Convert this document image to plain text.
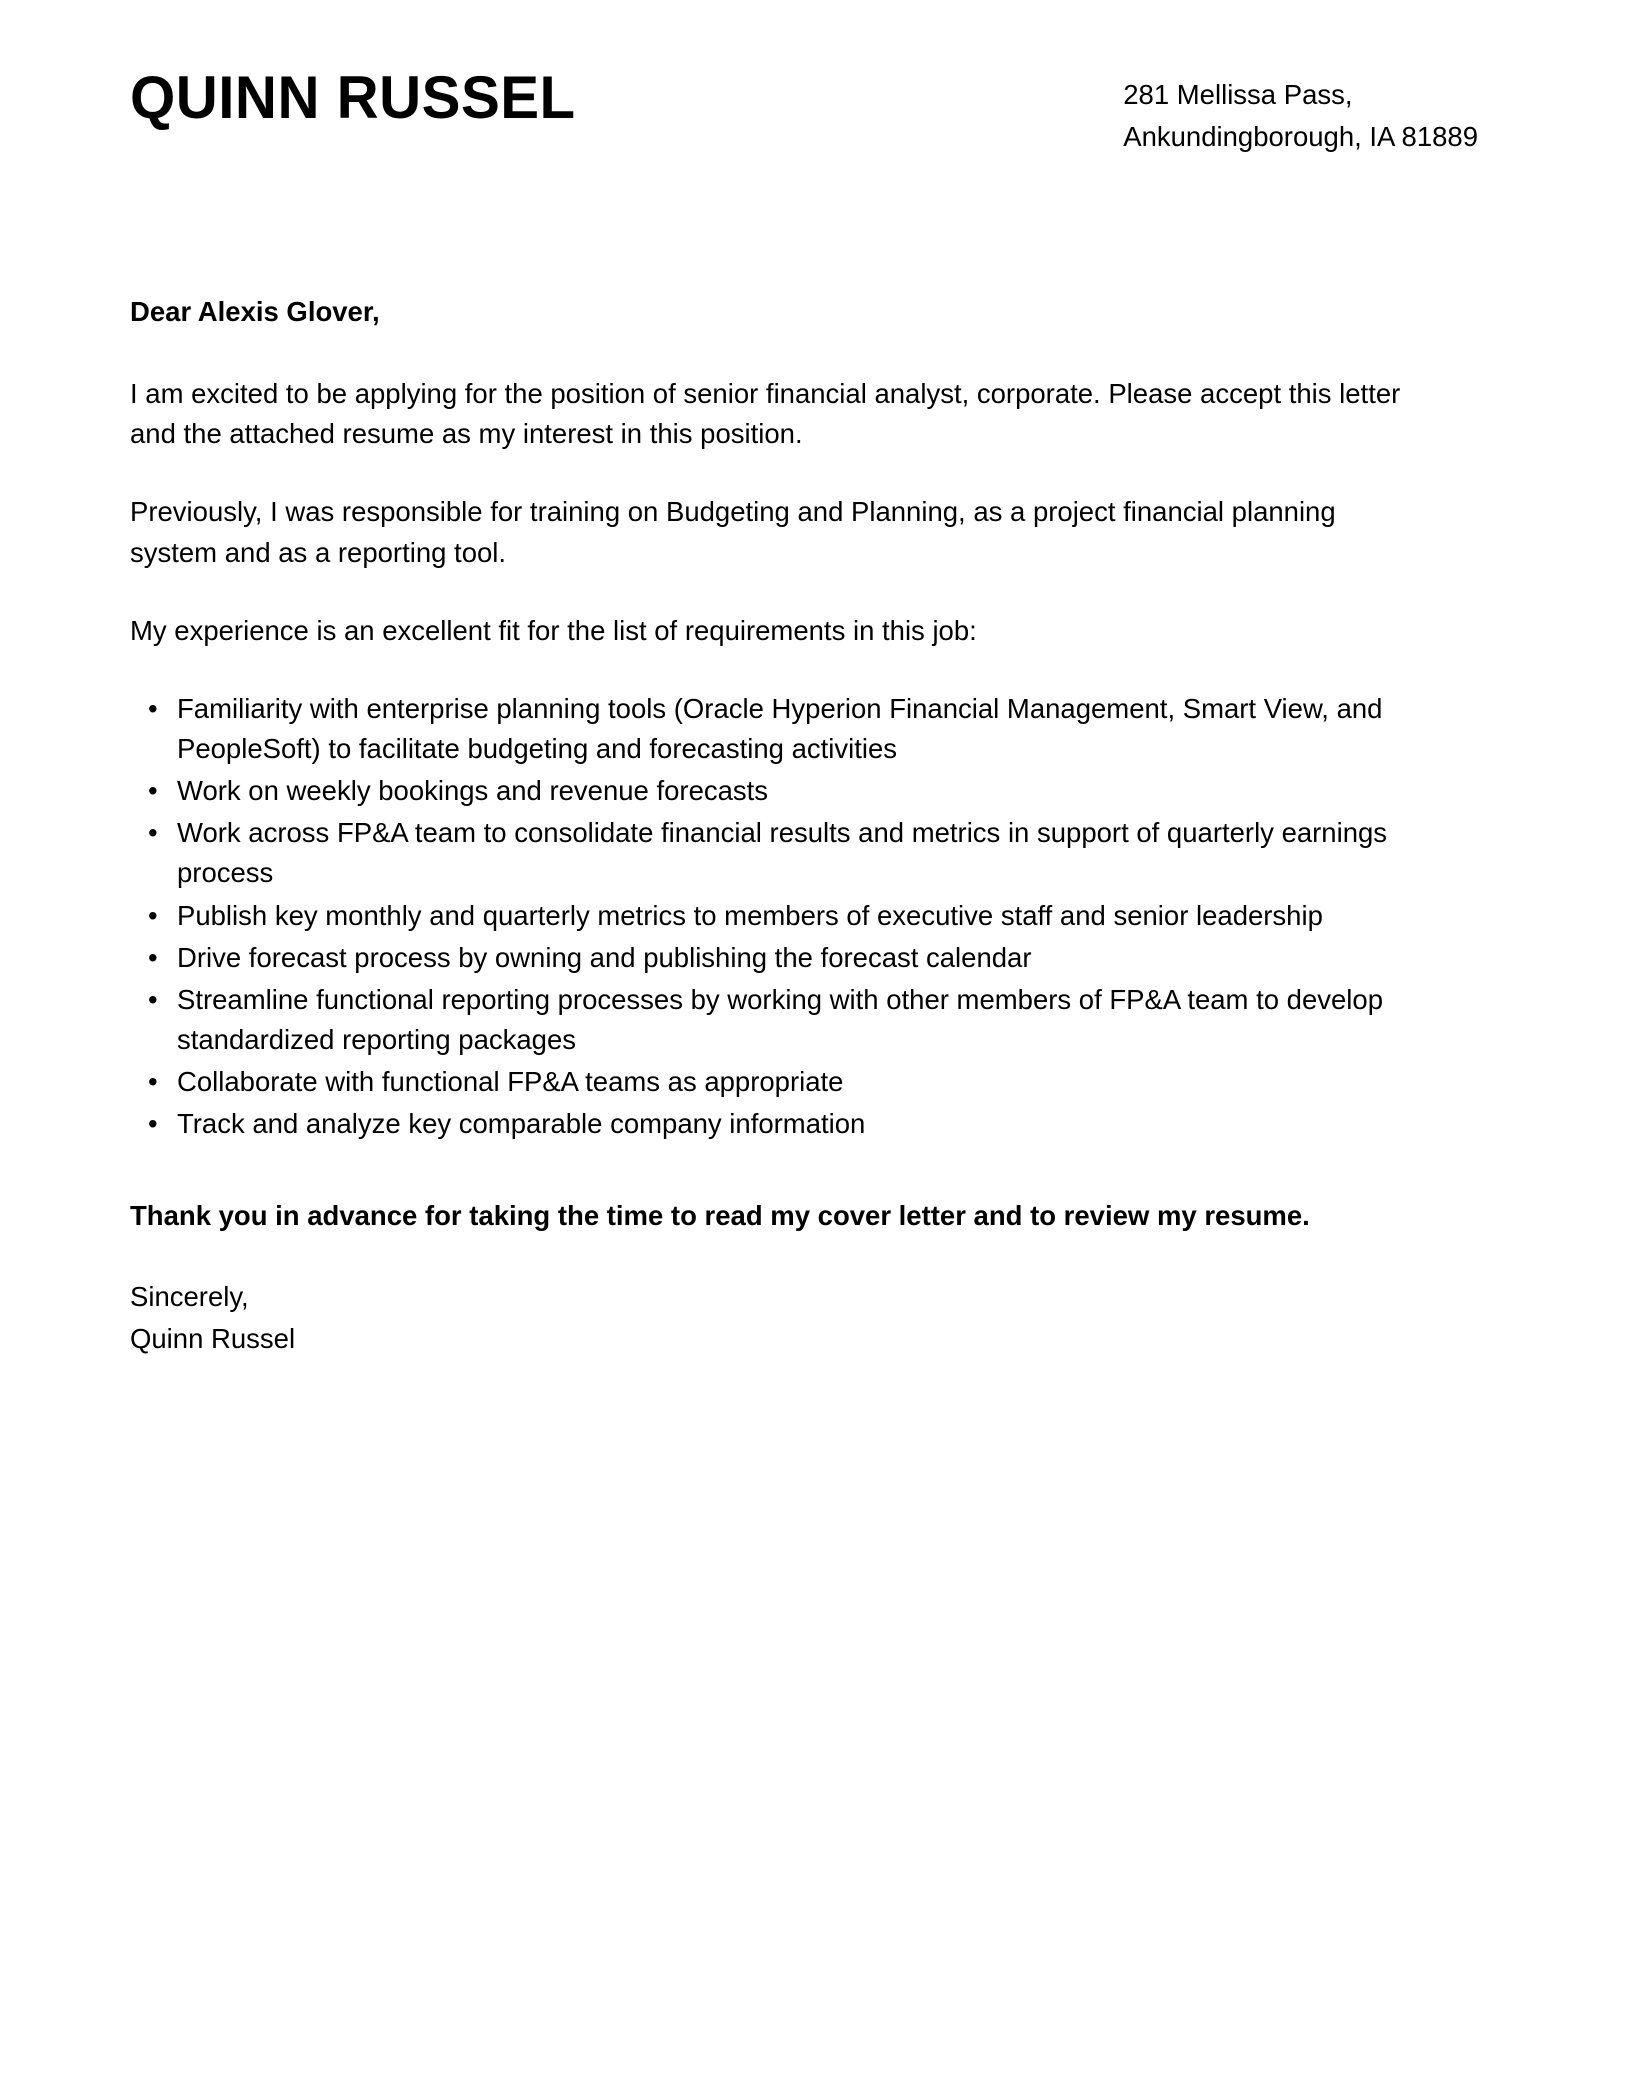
QUINN RUSSEL	281 Mellissa Pass,
Ankundingborough, IA 81889

Dear Alexis Glover,

I am excited to be applying for the position of senior financial analyst, corporate. Please accept this letter and the attached resume as my interest in this position.

Previously, I was responsible for training on Budgeting and Planning, as a project financial planning system and as a reporting tool.

My experience is an excellent fit for the list of requirements in this job:

• Familiarity with enterprise planning tools (Oracle Hyperion Financial Management, Smart View, and PeopleSoft) to facilitate budgeting and forecasting activities
• Work on weekly bookings and revenue forecasts
• Work across FP&A team to consolidate financial results and metrics in support of quarterly earnings process
• Publish key monthly and quarterly metrics to members of executive staff and senior leadership
• Drive forecast process by owning and publishing the forecast calendar
• Streamline functional reporting processes by working with other members of FP&A team to develop standardized reporting packages
• Collaborate with functional FP&A teams as appropriate
• Track and analyze key comparable company information

Thank you in advance for taking the time to read my cover letter and to review my resume.

Sincerely,
Quinn Russel
